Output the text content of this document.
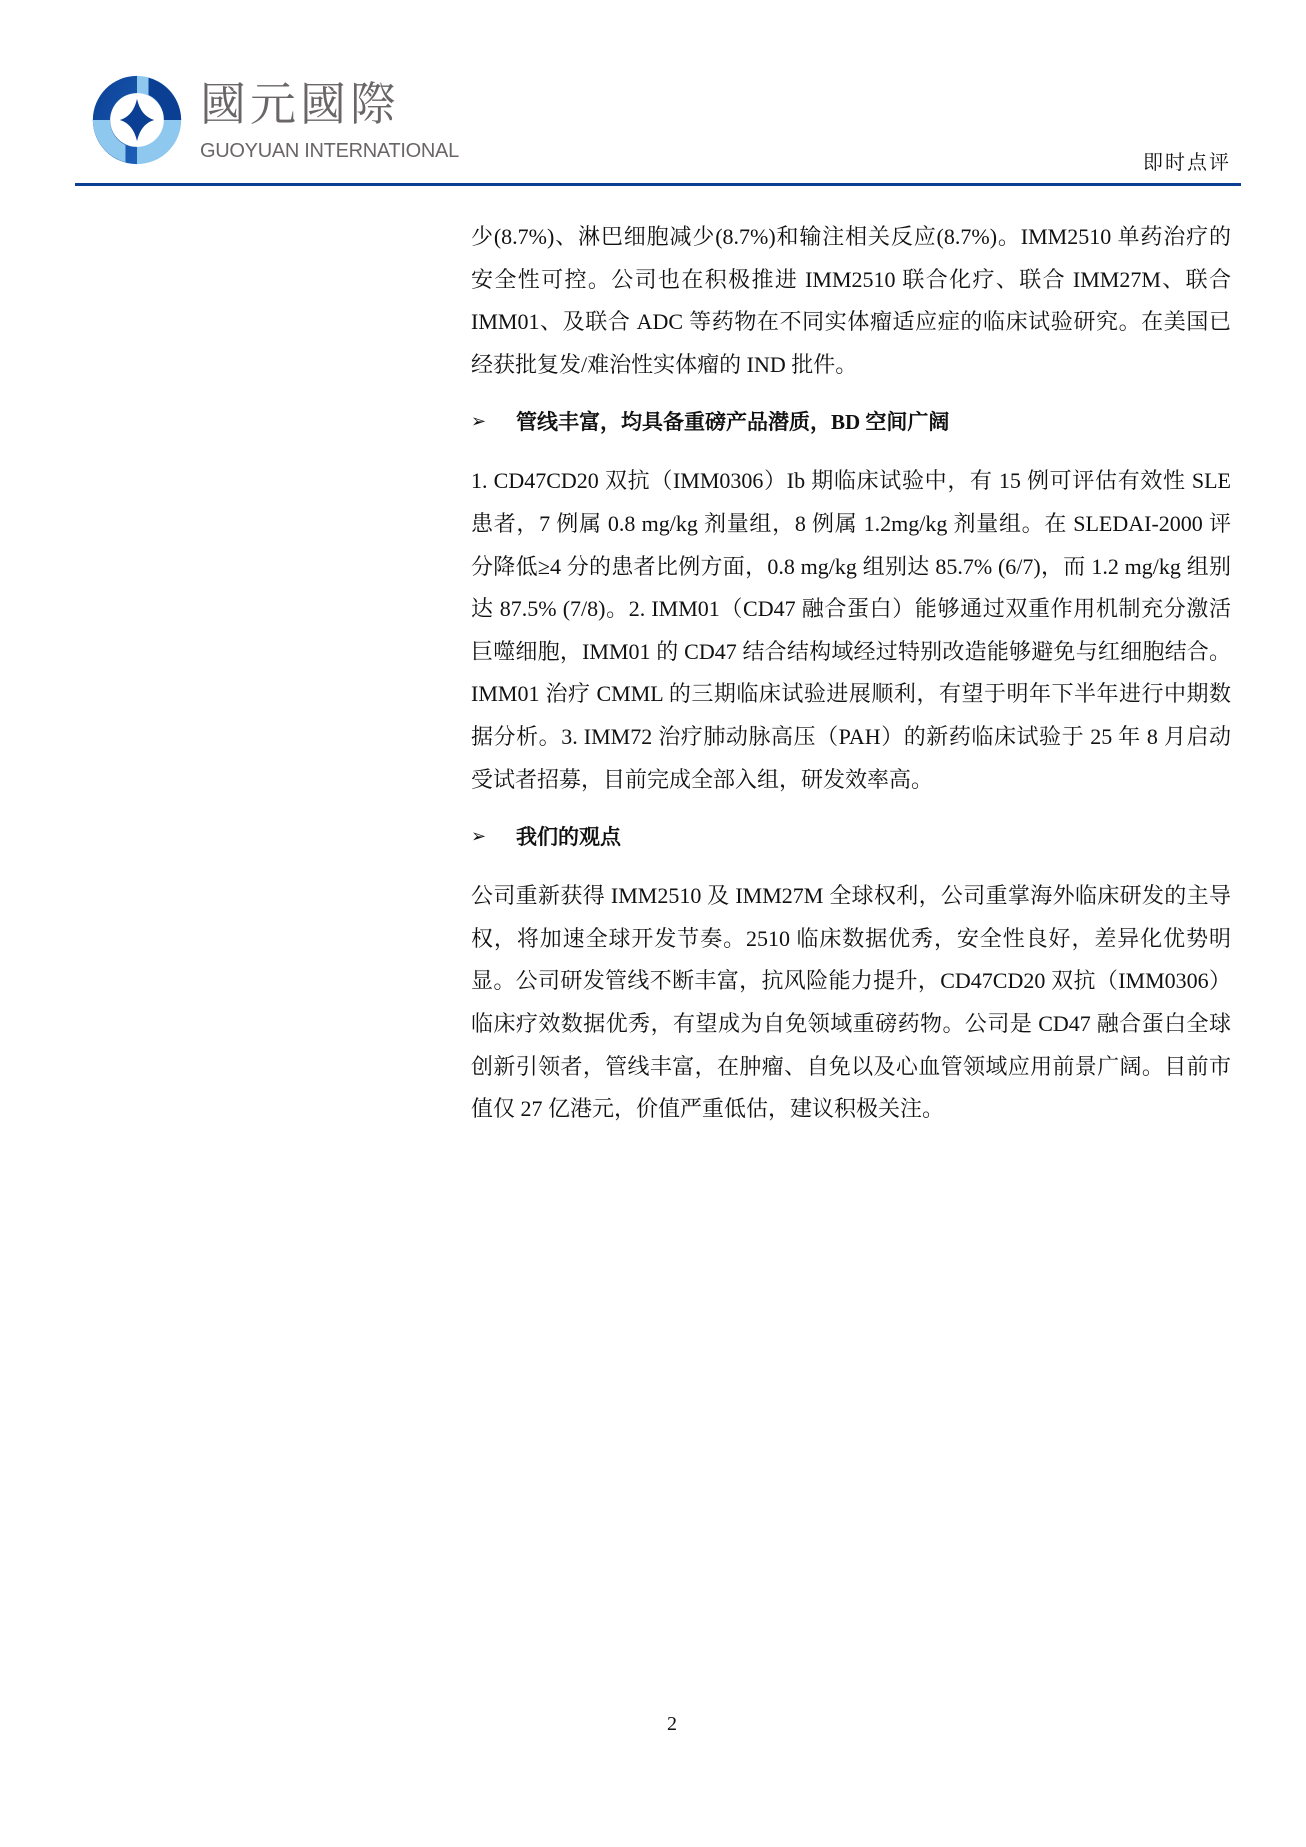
國元國際
GUOYUAN INTERNATIONAL
即时点评

少(8.7%)、淋巴细胞减少(8.7%)和输注相关反应(8.7%)。IMM2510 单药治疗的安全性可控。公司也在积极推进 IMM2510 联合化疗、联合 IMM27M、联合 IMM01、及联合 ADC 等药物在不同实体瘤适应症的临床试验研究。在美国已经获批复发/难治性实体瘤的 IND 批件。

➢	管线丰富，均具备重磅产品潜质，BD 空间广阔

1. CD47CD20 双抗（IMM0306）Ib 期临床试验中，有 15 例可评估有效性 SLE 患者，7 例属 0.8 mg/kg 剂量组，8 例属 1.2mg/kg 剂量组。在 SLEDAI-2000 评分降低≥4 分的患者比例方面，0.8 mg/kg 组别达 85.7% (6/7)，而 1.2 mg/kg 组别达 87.5% (7/8)。2. IMM01（CD47 融合蛋白）能够通过双重作用机制充分激活巨噬细胞，IMM01 的 CD47 结合结构域经过特别改造能够避免与红细胞结合。IMM01 治疗 CMML 的三期临床试验进展顺利，有望于明年下半年进行中期数据分析。3. IMM72 治疗肺动脉高压（PAH）的新药临床试验于 25 年 8 月启动受试者招募，目前完成全部入组，研发效率高。

➢	我们的观点

公司重新获得 IMM2510 及 IMM27M 全球权利，公司重掌海外临床研发的主导权，将加速全球开发节奏。2510 临床数据优秀，安全性良好，差异化优势明显。公司研发管线不断丰富，抗风险能力提升，CD47CD20 双抗（IMM0306）临床疗效数据优秀，有望成为自免领域重磅药物。公司是 CD47 融合蛋白全球创新引领者，管线丰富，在肿瘤、自免以及心血管领域应用前景广阔。目前市值仅 27 亿港元，价值严重低估，建议积极关注。

2
